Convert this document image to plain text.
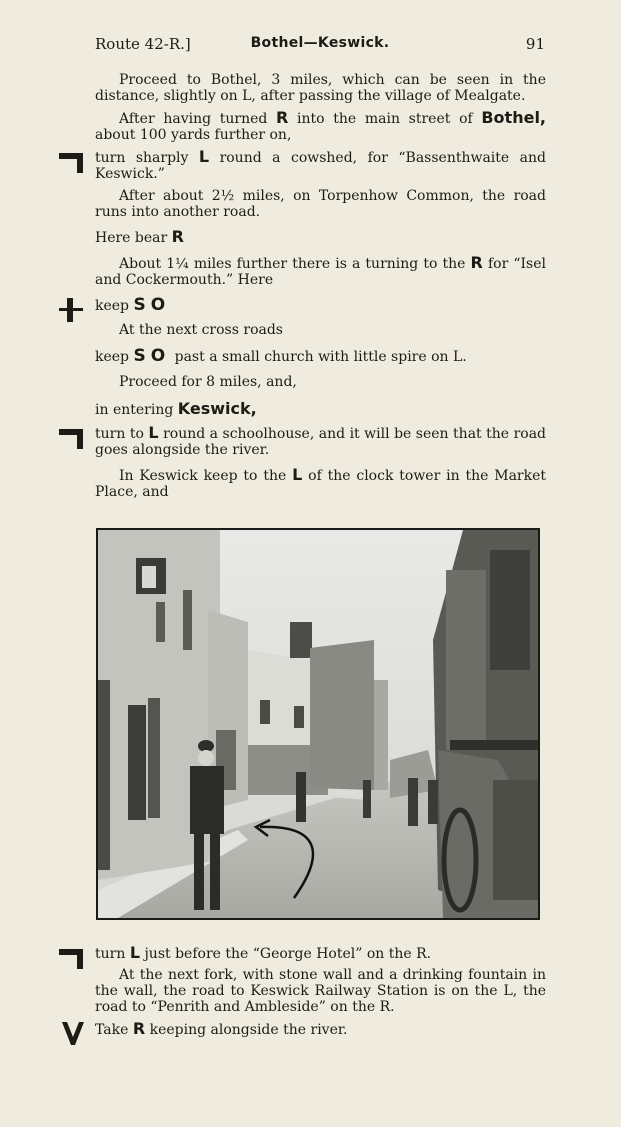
Route 42-R.]	Bothel—Keswick.	91
Proceed to Bothel, 3 miles, which can be seen in the distance, slightly on L, after passing the village of Mealgate.
After having turned R into the main street of Bothel, about 100 yards further on,
turn sharply L round a cowshed, for “Bassenthwaite and Keswick.”
After about 2½ miles, on Torpenhow Common, the road runs into another road.
Here bear R
About 1¼ miles further there is a turning to the R for “Isel and Cockermouth.” Here
keep SO
At the next cross roads
keep SO past a small church with little spire on L.
Proceed for 8 miles, and,
in entering Keswick,
turn to L round a schoolhouse, and it will be seen that the road goes alongside the river.
In Keswick keep to the L of the clock tower in the Market Place, and
turn L just before the “George Hotel” on the R.
At the next fork, with stone wall and a drinking fountain in the wall, the road to Keswick Railway Station is on the L, the road to “Penrith and Ambleside” on the R.
Take R keeping alongside the river.
